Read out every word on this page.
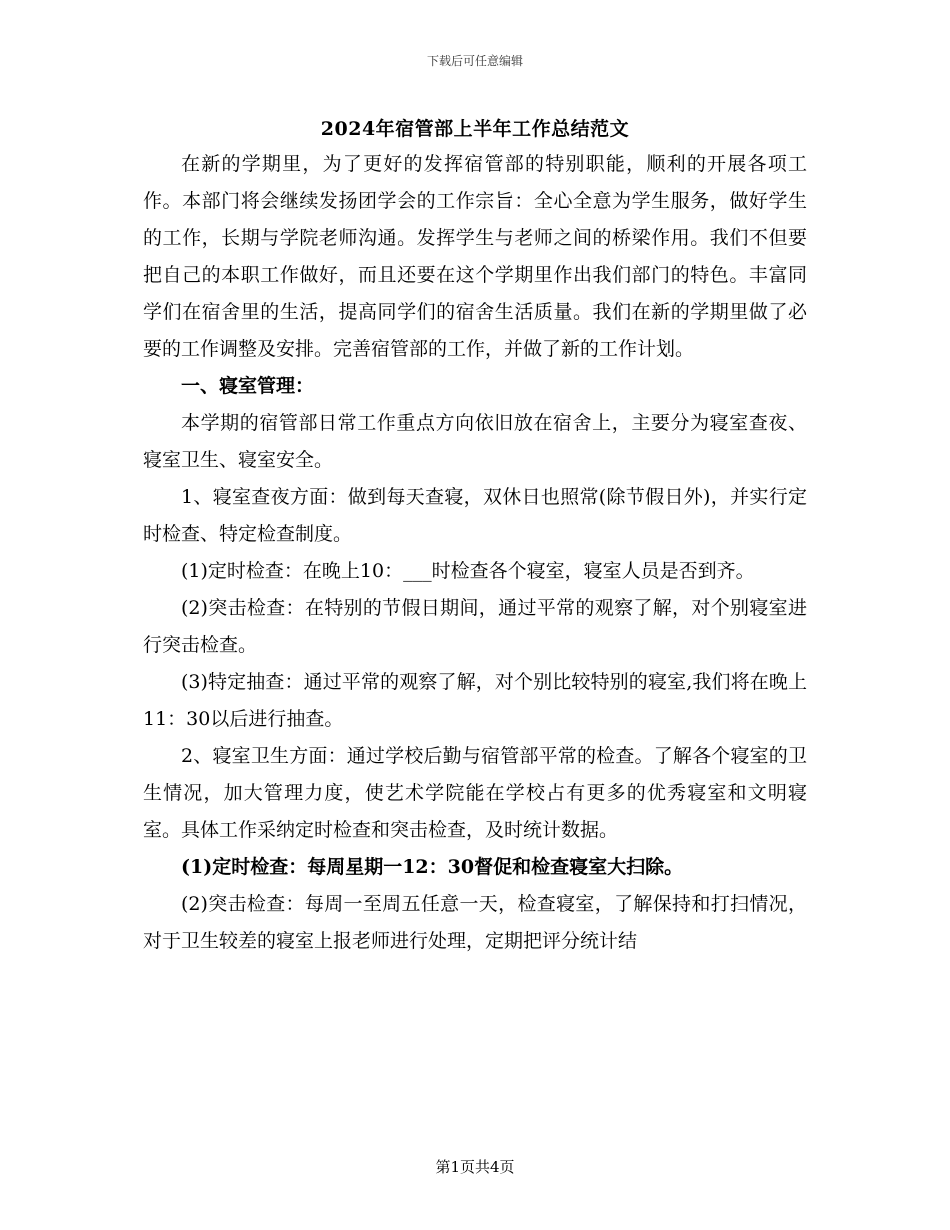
下载后可任意编辑
2024年宿管部上半年工作总结范文

在新的学期里，为了更好的发挥宿管部的特别职能，顺利的开展各项工作。本部门将会继续发扬团学会的工作宗旨：全心全意为学生服务，做好学生的工作，长期与学院老师沟通。发挥学生与老师之间的桥梁作用。我们不但要把自己的本职工作做好，而且还要在这个学期里作出我们部门的特色。丰富同学们在宿舍里的生活，提高同学们的宿舍生活质量。我们在新的学期里做了必要的工作调整及安排。完善宿管部的工作，并做了新的工作计划。

一、寝室管理：

本学期的宿管部日常工作重点方向依旧放在宿舍上，主要分为寝室查夜、寝室卫生、寝室安全。

1、寝室查夜方面：做到每天查寝，双休日也照常(除节假日外)，并实行定时检查、特定检查制度。

(1)定时检查：在晚上10：___时检查各个寝室，寝室人员是否到齐。

(2)突击检查：在特别的节假日期间，通过平常的观察了解，对个别寝室进行突击检查。

(3)特定抽查：通过平常的观察了解，对个别比较特别的寝室,我们将在晚上11：30以后进行抽查。

2、寝室卫生方面：通过学校后勤与宿管部平常的检查。了解各个寝室的卫生情况，加大管理力度，使艺术学院能在学校占有更多的优秀寝室和文明寝室。具体工作采纳定时检查和突击检查，及时统计数据。

(1)定时检查：每周星期一12：30督促和检查寝室大扫除。

(2)突击检查：每周一至周五任意一天，检查寝室，了解保持和打扫情况，对于卫生较差的寝室上报老师进行处理，定期把评分统计结

第1页共4页
